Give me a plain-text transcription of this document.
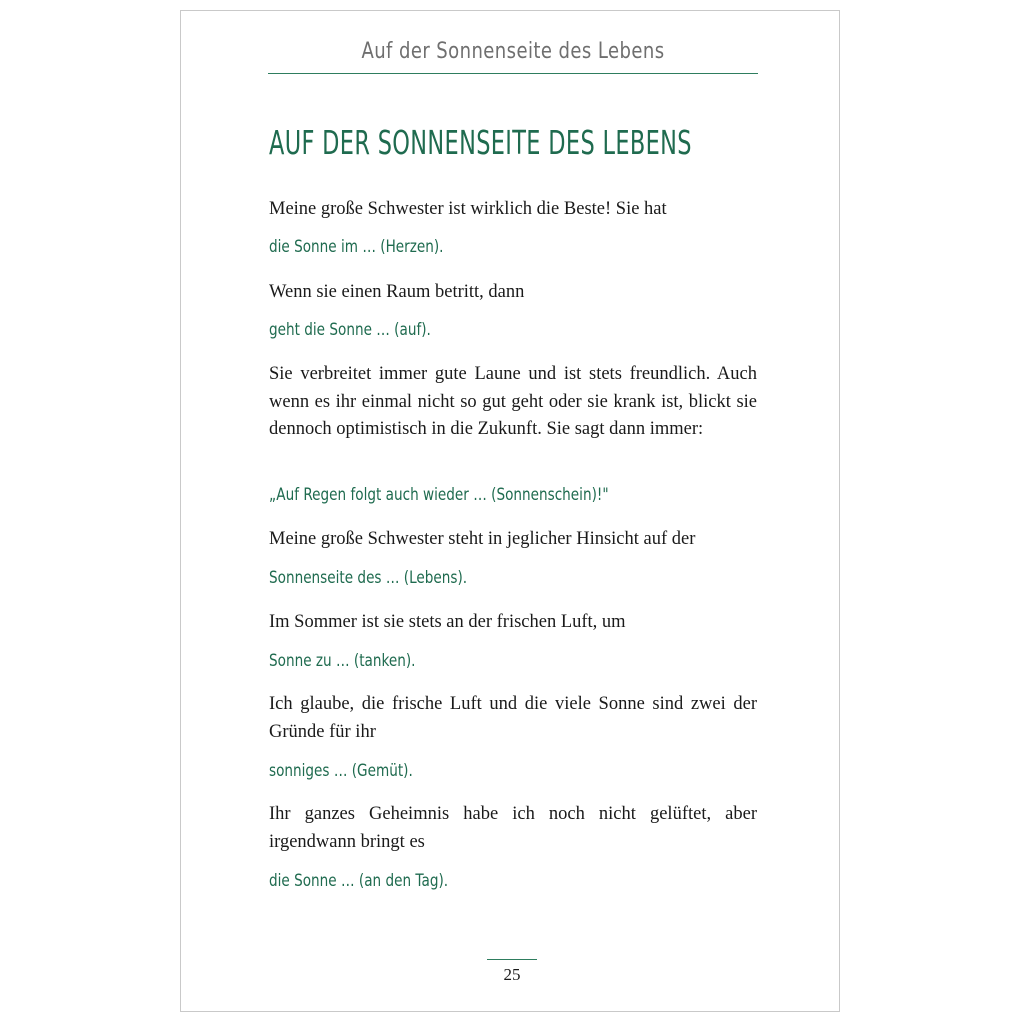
Auf der Sonnenseite des Lebens
AUF DER SONNENSEITE DES LEBENS
Meine große Schwester ist wirklich die Beste! Sie hat
die Sonne im … (Herzen).
Wenn sie einen Raum betritt, dann
geht die Sonne … (auf).
Sie verbreitet immer gute Laune und ist stets freundlich. Auch wenn es ihr einmal nicht so gut geht oder sie krank ist, blickt sie dennoch optimistisch in die Zukunft. Sie sagt dann immer:
„Auf Regen folgt auch wieder … (Sonnenschein)!"
Meine große Schwester steht in jeglicher Hinsicht auf der
Sonnenseite des … (Lebens).
Im Sommer ist sie stets an der frischen Luft, um
Sonne zu … (tanken).
Ich glaube, die frische Luft und die viele Sonne sind zwei der Gründe für ihr
sonniges … (Gemüt).
Ihr ganzes Geheimnis habe ich noch nicht gelüftet, aber irgendwann bringt es
die Sonne … (an den Tag).
25
